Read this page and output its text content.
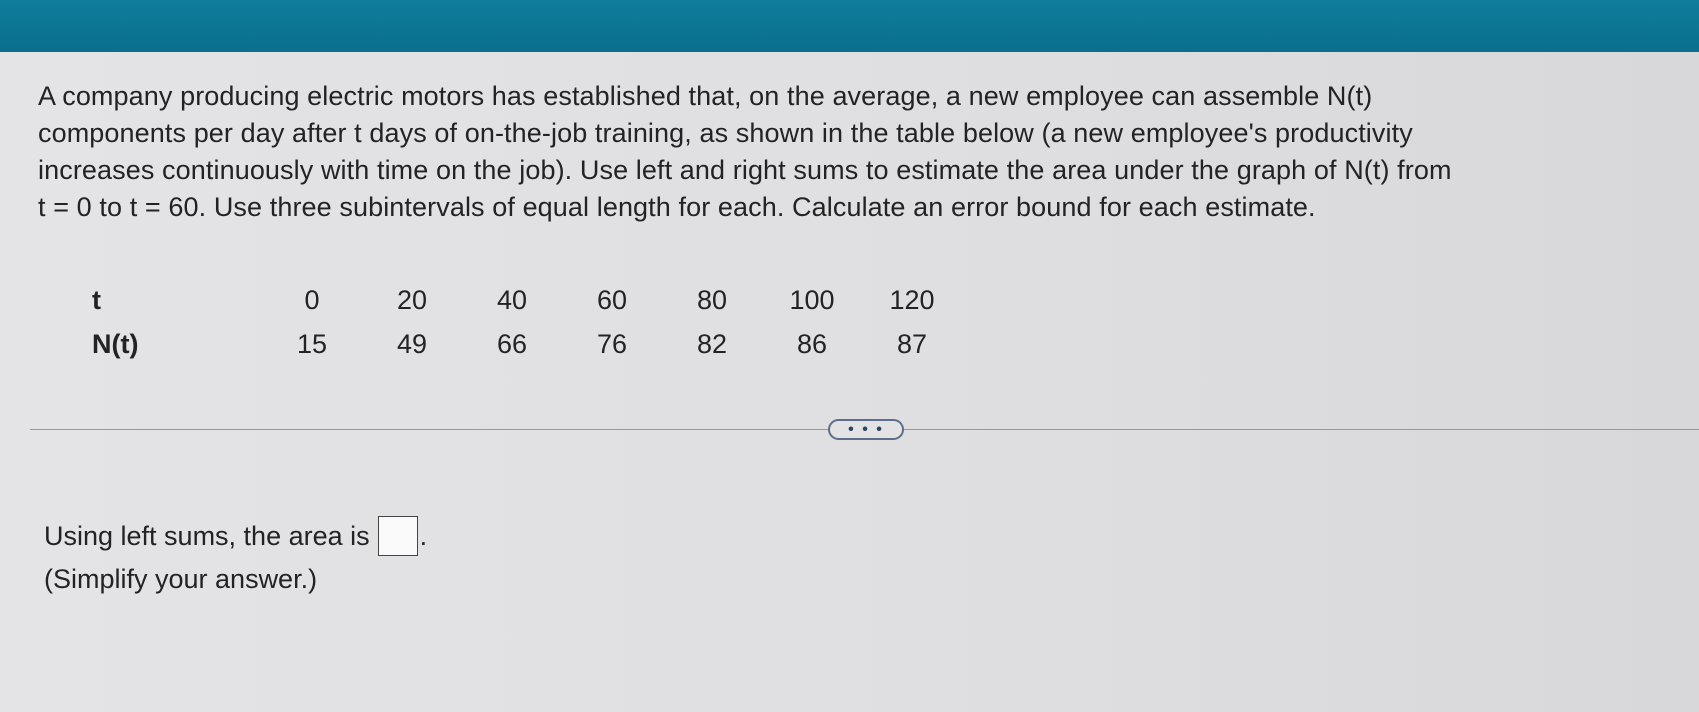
A company producing electric motors has established that, on the average, a new employee can assemble N(t)
components per day after t days of on-the-job training, as shown in the table below (a new employee's productivity
increases continuously with time on the job). Use left and right sums to estimate the area under the graph of N(t) from
t = 0 to t = 60. Use three subintervals of equal length for each. Calculate an error bound for each estimate.
t	0	20	40	60	80	100	120
N(t)	15	49	66	76	82	86	87
• • •
Using left sums, the area is .
(Simplify your answer.)
